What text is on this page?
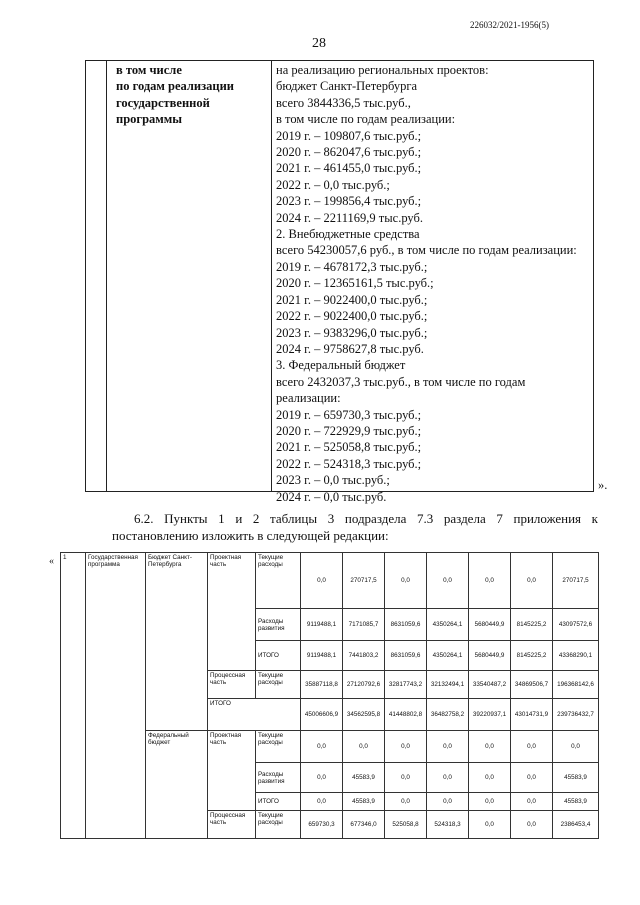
226032/2021-1956(5)
28
в том числе
по годам реализации
государственной
программы
на реализацию региональных проектов:
бюджет Санкт-Петербурга
всего 3844336,5 тыс.руб.,
в том числе по годам реализации:
2019 г. – 109807,6 тыс.руб.;
2020 г. – 862047,6 тыс.руб.;
2021 г. – 461455,0 тыс.руб.;
2022 г. – 0,0 тыс.руб.;
2023 г. – 199856,4 тыс.руб.;
2024 г. – 2211169,9 тыс.руб.
2. Внебюджетные средства
всего 54230057,6 руб., в том числе по годам реализации:
2019 г. – 4678172,3 тыс.руб.;
2020 г. – 12365161,5 тыс.руб.;
2021 г. – 9022400,0 тыс.руб.;
2022 г. – 9022400,0 тыс.руб.;
2023 г. – 9383296,0 тыс.руб.;
2024 г. – 9758627,8 тыс.руб.
3. Федеральный бюджет
всего 2432037,3 тыс.руб., в том числе по годам
реализации:
2019 г. – 659730,3 тыс.руб.;
2020 г. – 722929,9 тыс.руб.;
2021 г. – 525058,8 тыс.руб.;
2022 г. – 524318,3 тыс.руб.;
2023 г. – 0,0 тыс.руб.;
2024 г. – 0,0 тыс.руб.
».
6.2. Пункты 1 и 2 таблицы 3 подраздела 7.3 раздела 7 приложения к постановлению изложить в следующей редакции:
« 1	Государственная программа	Бюджет Санкт-Петербурга	Проектная часть	Текущие расходы	0,0	270717,5	0,0	0,0	0,0	0,0	270717,5
				Расходы развития	9119488,1	7171085,7	8631059,6	4350264,1	5680449,9	8145225,2	43097572,6
				ИТОГО	9119488,1	7441803,2	8631059,6	4350264,1	5680449,9	8145225,2	43368290,1
			Процессная часть	Текущие расходы	35887118,8	27120792,6	32817743,2	32132494,1	33540487,2	34869506,7	196368142,6
			ИТОГО		45006606,9	34562595,8	41448802,8	36482758,2	39220937,1	43014731,9	239736432,7
		Федеральный бюджет	Проектная часть	Текущие расходы	0,0	0,0	0,0	0,0	0,0	0,0	0,0
				Расходы развития	0,0	45583,9	0,0	0,0	0,0	0,0	45583,9
				ИТОГО	0,0	45583,9	0,0	0,0	0,0	0,0	45583,9
			Процессная часть	Текущие расходы	659730,3	677346,0	525058,8	524318,3	0,0	0,0	2386453,4
